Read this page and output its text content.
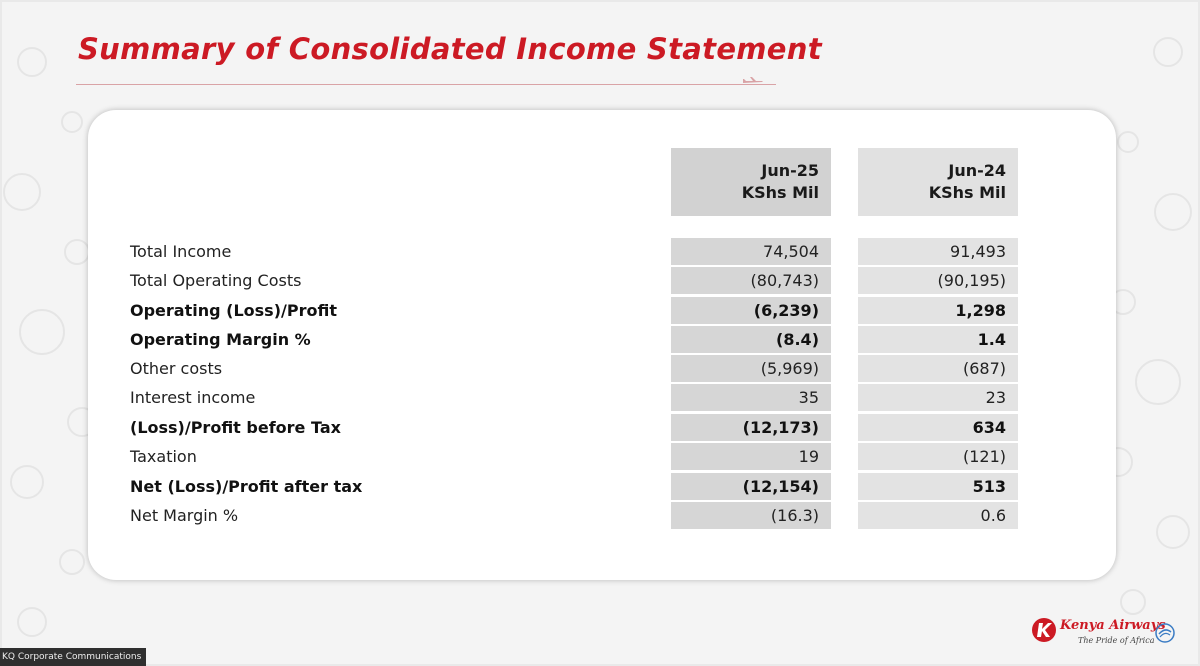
Summary of Consolidated Income Statement
Jun-25
KShs Mil
Jun-24
KShs Mil
Total Income	74,504	91,493
Total Operating Costs	(80,743)	(90,195)
Operating (Loss)/Profit	(6,239)	1,298
Operating Margin %	(8.4)	1.4
Other costs	(5,969)	(687)
Interest income	35	23
(Loss)/Profit before Tax	(12,173)	634
Taxation	19	(121)
Net (Loss)/Profit after tax	(12,154)	513
Net Margin %	(16.3)	0.6
Kenya Airways
The Pride of Africa
KQ Corporate Communications
